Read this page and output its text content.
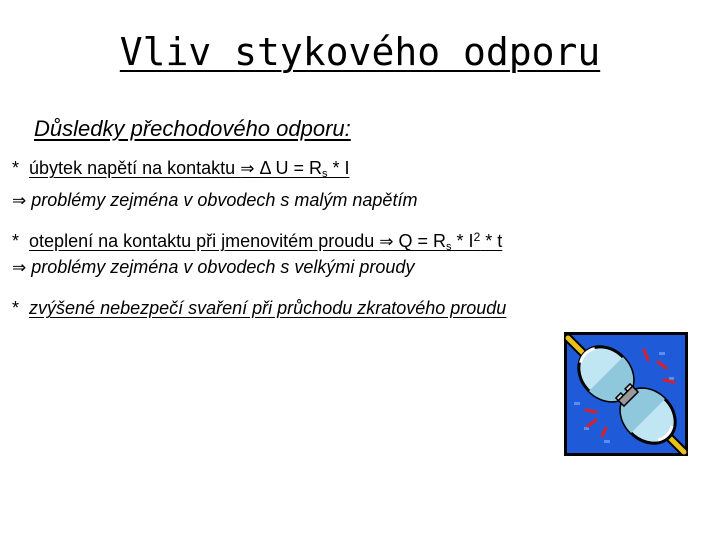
Vliv stykového odporu
Důsledky přechodového odporu:
* úbytek napětí na kontaktu ⇒ Δ $U = R_s * I$
⇒ problémy zejména v obvodech s malým napětím
* oteplení na kontaktu při jmenovitém proudu ⇒ $Q = R_s * I^2 * t$
⇒ problémy zejména v obvodech s velkými proudy
* zvýšené nebezpečí svaření při průchodu zkratového proudu
